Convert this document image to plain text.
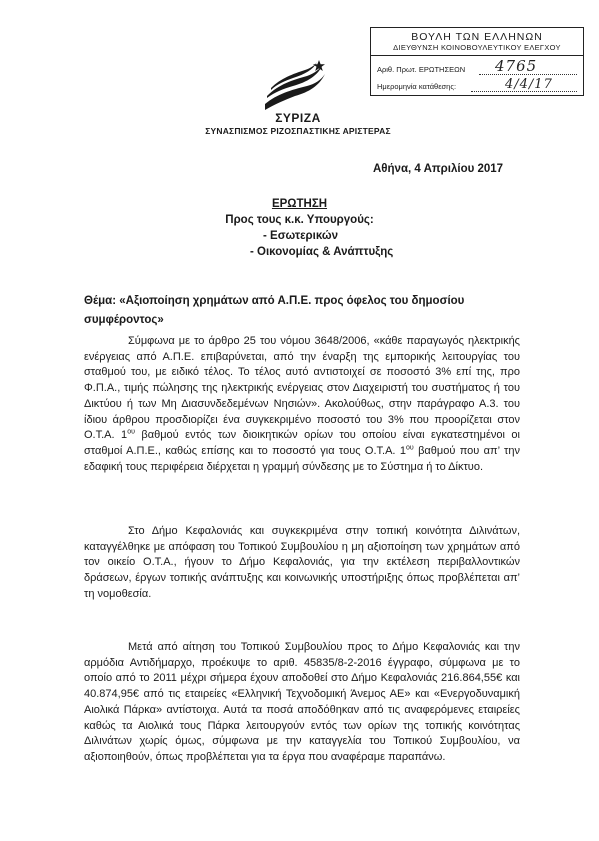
ΒΟΥΛΗ ΤΩΝ ΕΛΛΗΝΩΝ
ΔΙΕΥΘΥΝΣΗ ΚΟΙΝΟΒΟΥΛΕΥΤΙΚΟΥ ΕΛΕΓΧΟΥ
Αριθ. Πρωτ. ΕΡΩΤΗΣΕΩΝ 4765
Ημερομηνία κατάθεσης:	4/4/17
ΣΥΡΙΖΑ
ΣΥΝΑΣΠΙΣΜΟΣ ΡΙΖΟΣΠΑΣΤΙΚΗΣ ΑΡΙΣΤΕΡΑΣ
Αθήνα, 4 Απριλίου 2017
ΕΡΩΤΗΣΗ
Προς τους κ.κ. Υπουργούς:
- Εσωτερικών
- Οικονομίας & Ανάπτυξης
Θέμα: «Αξιοποίηση χρημάτων από Α.Π.Ε. προς όφελος του δημοσίου συμφέροντος»

Σύμφωνα με το άρθρο 25 του νόμου 3648/2006, «κάθε παραγωγός ηλεκτρικής ενέργειας από Α.Π.Ε. επιβαρύνεται, από την έναρξη της εμπορικής λειτουργίας του σταθμού του, με ειδικό τέλος. Το τέλος αυτό αντιστοιχεί σε ποσοστό 3% επί της, προ Φ.Π.Α., τιμής πώλησης της ηλεκτρικής ενέργειας στον Διαχειριστή του συστήματος ή του Δικτύου ή των Μη Διασυνδεδεμένων Νησιών». Ακολούθως, στην παράγραφο Α.3. του ίδιου άρθρου προσδιορίζει ένα συγκεκριμένο ποσοστό του 3% που προορίζεται στον Ο.Τ.Α. $1^{o\upsilon}$ βαθμού εντός των διοικητικών ορίων του οποίου είναι εγκατεστημένοι οι σταθμοί Α.Π.Ε., καθώς επίσης και το ποσοστό για τους Ο.Τ.Α. $1^{o\upsilon}$ βαθμού που απ’ την εδαφική τους περιφέρεια διέρχεται η γραμμή σύνδεσης με το Σύστημα ή το Δίκτυο.

Στο Δήμο Κεφαλονιάς και συγκεκριμένα στην τοπική κοινότητα Διλινάτων, καταγγέλθηκε με απόφαση του Τοπικού Συμβουλίου η μη αξιοποίηση των χρημάτων από τον οικείο Ο.Τ.Α., ήγουν το Δήμο Κεφαλονιάς, για την εκτέλεση περιβαλλοντικών δράσεων, έργων τοπικής ανάπτυξης και κοινωνικής υποστήριξης όπως προβλέπεται απ’ τη νομοθεσία.

Μετά από αίτηση του Τοπικού Συμβουλίου προς το Δήμο Κεφαλονιάς και την αρμόδια Αντιδήμαρχο, προέκυψε το αριθ. 45835/8-2-2016 έγγραφο, σύμφωνα με το οποίο από το 2011 μέχρι σήμερα έχουν αποδοθεί στο Δήμο Κεφαλονιάς 216.864,55€ και 40.874,95€ από τις εταιρείες «Ελληνική Τεχνοδομική Άνεμος ΑΕ» και «Ενεργοδυναμική Αιολικά Πάρκα» αντίστοιχα. Αυτά τα ποσά αποδόθηκαν από τις αναφερόμενες εταιρείες καθώς τα Αιολικά τους Πάρκα λειτουργούν εντός των ορίων της τοπικής κοινότητας Διλινάτων χωρίς όμως, σύμφωνα με την καταγγελία του Τοπικού Συμβουλίου, να αξιοποιηθούν, όπως προβλέπεται για τα έργα που αναφέραμε παραπάνω.
